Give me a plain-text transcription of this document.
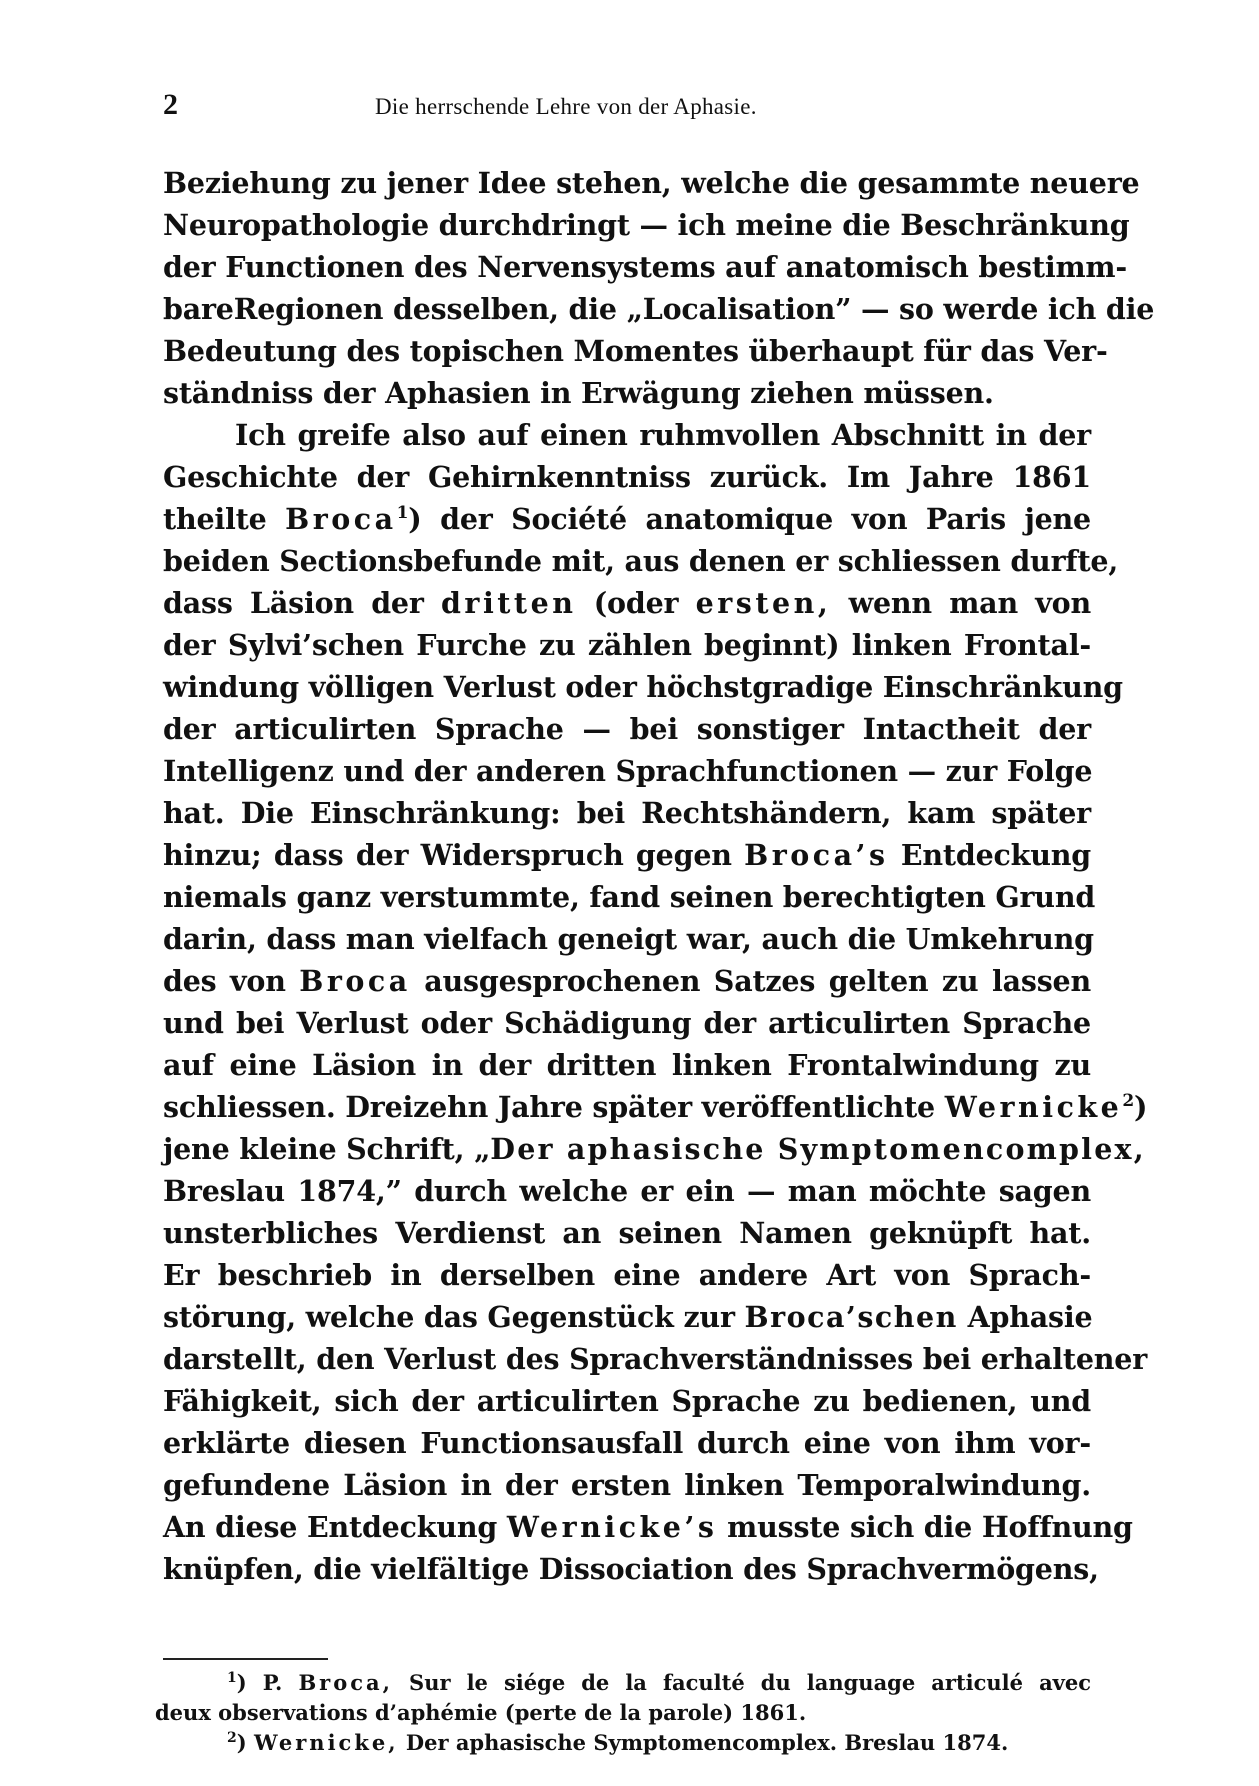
2	Die herrschende Lehre von der Aphasie.
Beziehung zu jener Idee stehen, welche die gesammte neuere
Neuropathologie durchdringt — ich meine die Beschränkung
der Functionen des Nervensystems auf anatomisch bestimm-
bareRegionen desselben, die „Localisation” — so werde ich die
Bedeutung des topischen Momentes überhaupt für das Ver-
ständniss der Aphasien in Erwägung ziehen müssen.
Ich greife also auf einen ruhmvollen Abschnitt in der
Geschichte der Gehirnkenntniss zurück. Im Jahre 1861
theilte Broca$^1$) der Société anatomique von Paris jene
beiden Sectionsbefunde mit, aus denen er schliessen durfte,
dass Läsion der dritten (oder ersten, wenn man von
der Sylvi’schen Furche zu zählen beginnt) linken Frontal-
windung völligen Verlust oder höchstgradige Einschränkung
der articulirten Sprache — bei sonstiger Intactheit der
Intelligenz und der anderen Sprachfunctionen — zur Folge
hat. Die Einschränkung: bei Rechtshändern, kam später
hinzu; dass der Widerspruch gegen Broca’s Entdeckung
niemals ganz verstummte, fand seinen berechtigten Grund
darin, dass man vielfach geneigt war, auch die Umkehrung
des von Broca ausgesprochenen Satzes gelten zu lassen
und bei Verlust oder Schädigung der articulirten Sprache
auf eine Läsion in der dritten linken Frontalwindung zu
schliessen. Dreizehn Jahre später veröffentlichte Wernicke$^2$)
jene kleine Schrift, „Der aphasische Symptomencomplex,
Breslau 1874,” durch welche er ein — man möchte sagen
unsterbliches Verdienst an seinen Namen geknüpft hat.
Er beschrieb in derselben eine andere Art von Sprach-
störung, welche das Gegenstück zur Broca’schen Aphasie
darstellt, den Verlust des Sprachverständnisses bei erhaltener
Fähigkeit, sich der articulirten Sprache zu bedienen, und
erklärte diesen Functionsausfall durch eine von ihm vor-
gefundene Läsion in der ersten linken Temporalwindung.
An diese Entdeckung Wernicke’s musste sich die Hoffnung
knüpfen, die vielfältige Dissociation des Sprachvermögens,
$^1$) P. Broca, Sur le siége de la faculté du language articulé avec
deux observations d’aphémie (perte de la parole) 1861.
$^2$) Wernicke, Der aphasische Symptomencomplex. Breslau 1874.
